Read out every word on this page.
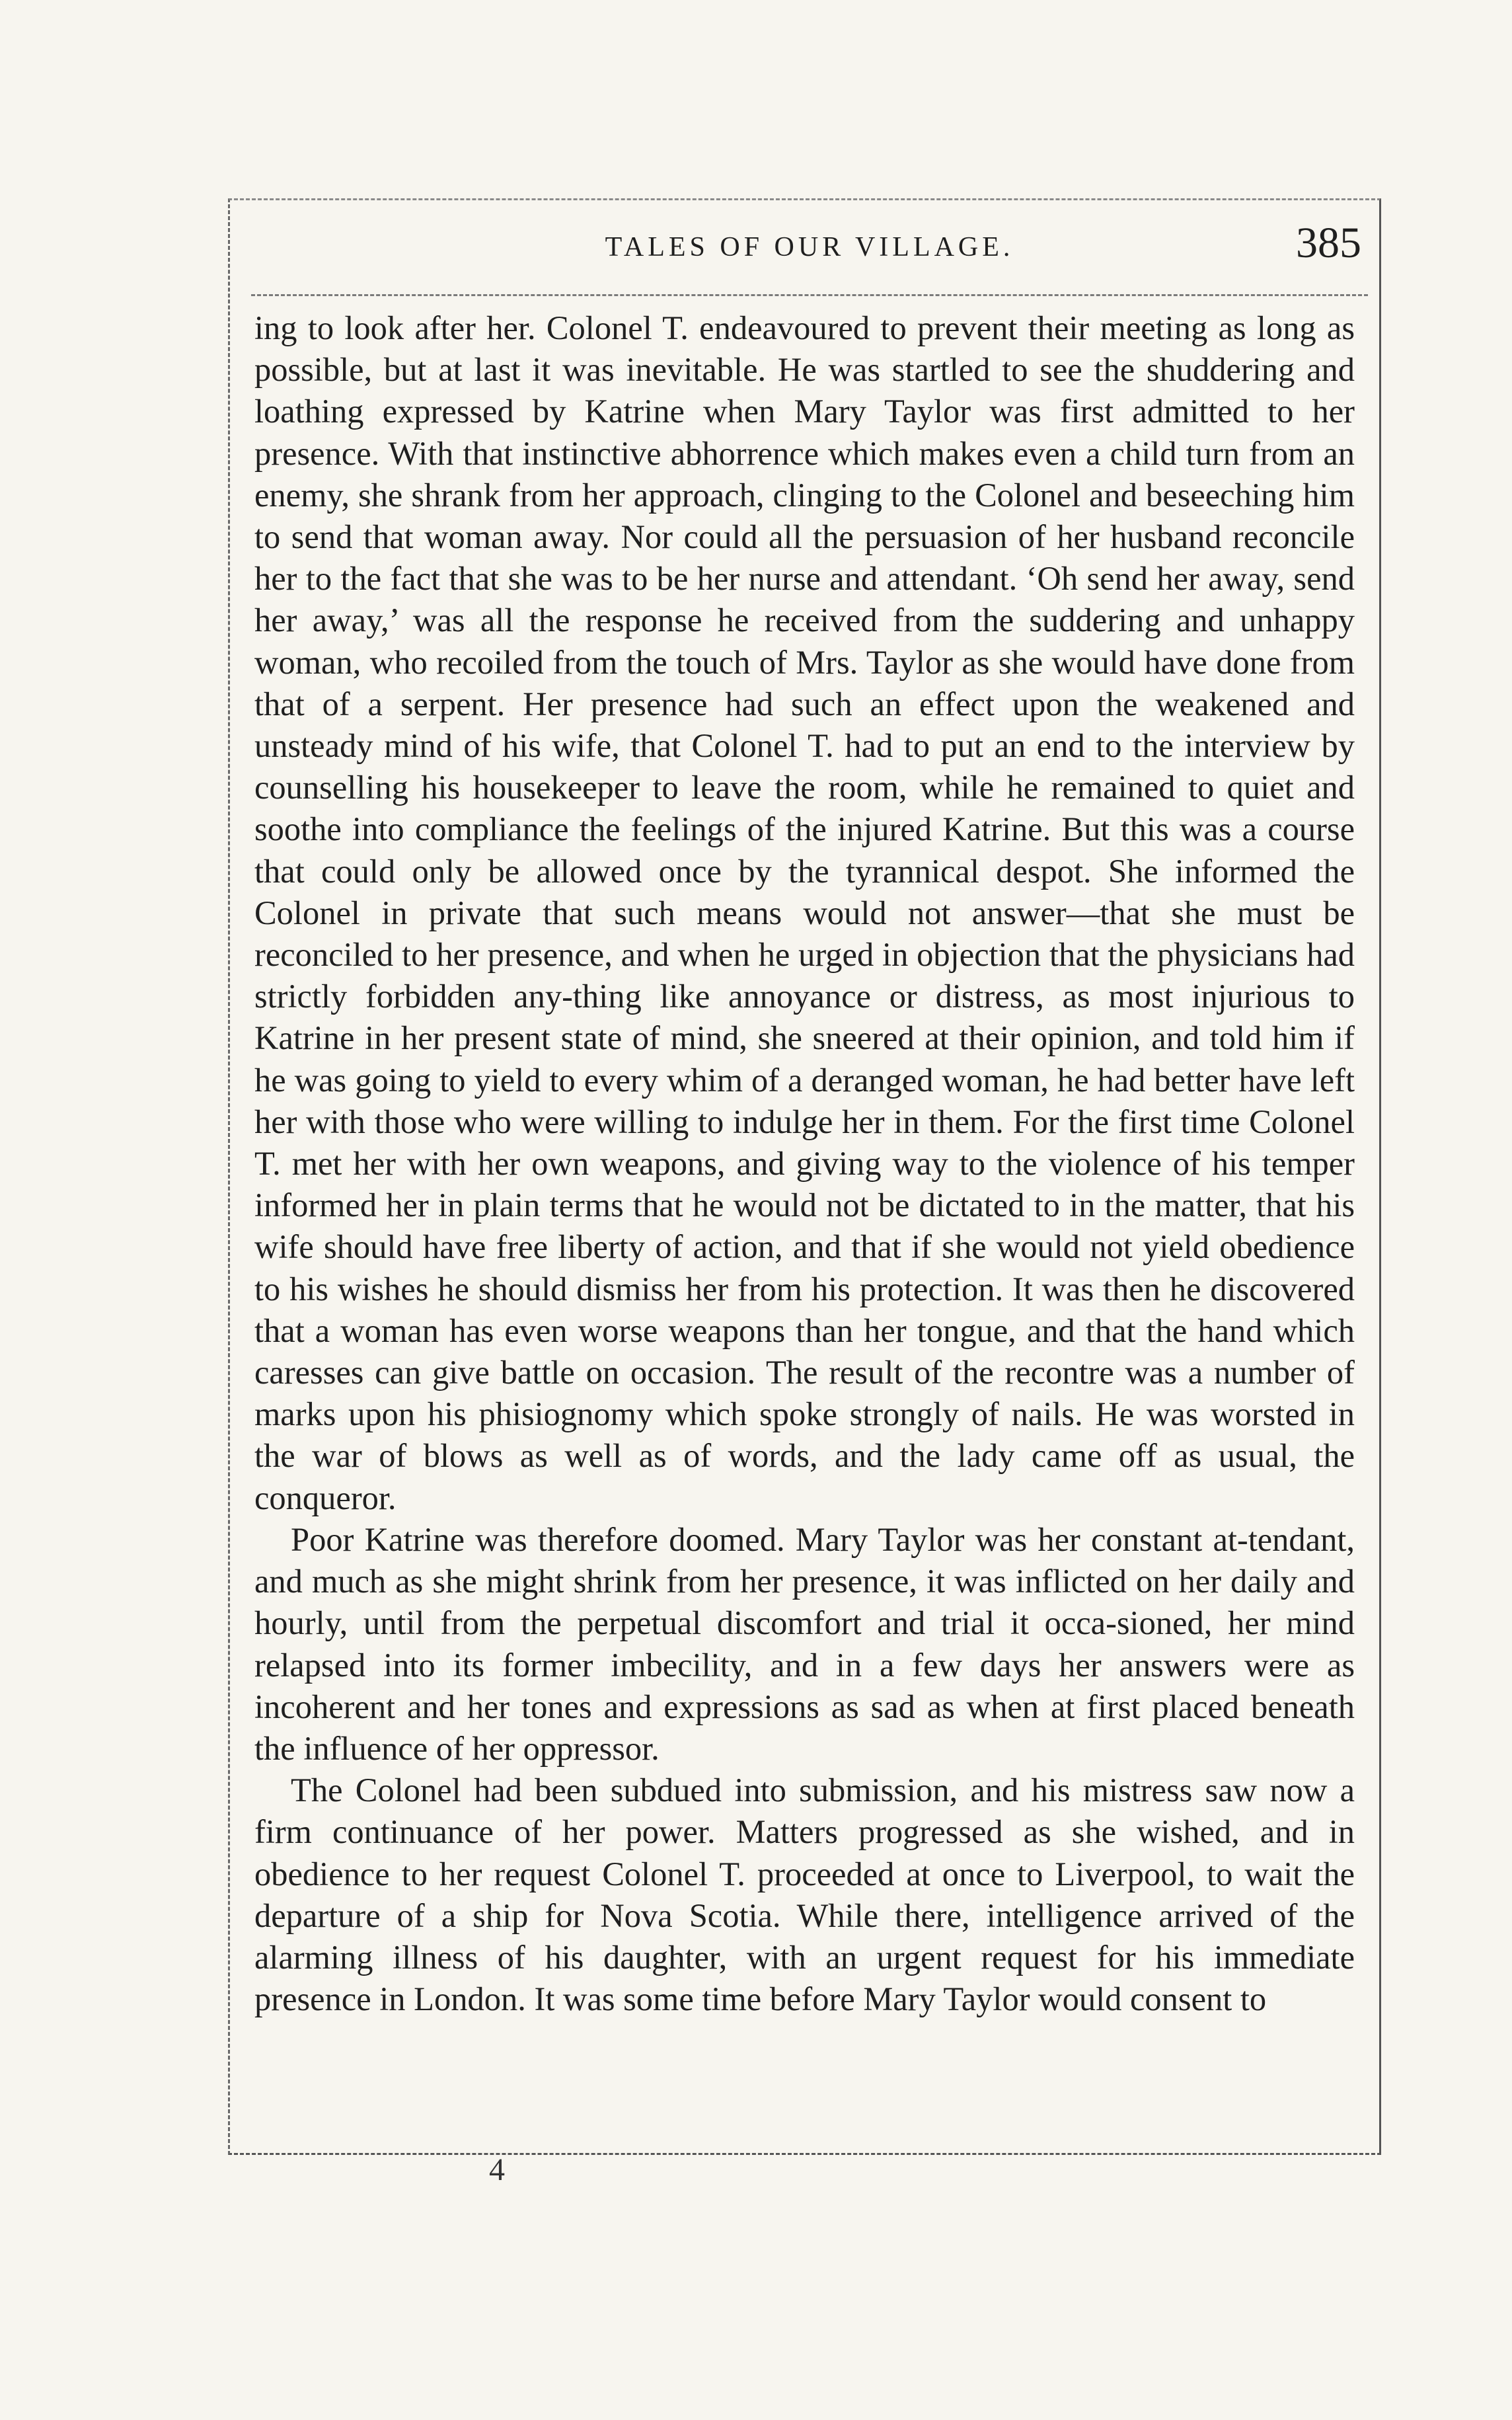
TALES OF OUR VILLAGE.	385

ing to look after her. Colonel T. endeavoured to prevent their meeting as long as possible, but at last it was inevitable. He was startled to see the shuddering and loathing expressed by Katrine when Mary Taylor was first admitted to her presence. With that instinctive abhorrence which makes even a child turn from an enemy, she shrank from her approach, clinging to the Colonel and beseeching him to send that woman away. Nor could all the persuasion of her husband reconcile her to the fact that she was to be her nurse and attendant. ‘Oh send her away, send her away,’ was all the response he received from the suddering and unhappy woman, who recoiled from the touch of Mrs. Taylor as she would have done from that of a serpent. Her presence had such an effect upon the weakened and unsteady mind of his wife, that Colonel T. had to put an end to the interview by counselling his housekeeper to leave the room, while he remained to quiet and soothe into compliance the feelings of the injured Katrine. But this was a course that could only be allowed once by the tyrannical despot. She informed the Colonel in private that such means would not answer—that she must be reconciled to her presence, and when he urged in objection that the physicians had strictly forbidden any-thing like annoyance or distress, as most injurious to Katrine in her present state of mind, she sneered at their opinion, and told him if he was going to yield to every whim of a deranged woman, he had better have left her with those who were willing to indulge her in them. For the first time Colonel T. met her with her own weapons, and giving way to the violence of his temper informed her in plain terms that he would not be dictated to in the matter, that his wife should have free liberty of action, and that if she would not yield obedience to his wishes he should dismiss her from his protection. It was then he discovered that a woman has even worse weapons than her tongue, and that the hand which caresses can give battle on occasion. The result of the recontre was a number of marks upon his phisiognomy which spoke strongly of nails. He was worsted in the war of blows as well as of words, and the lady came off as usual, the conqueror.

Poor Katrine was therefore doomed. Mary Taylor was her constant at-tendant, and much as she might shrink from her presence, it was inflicted on her daily and hourly, until from the perpetual discomfort and trial it occa-sioned, her mind relapsed into its former imbecility, and in a few days her answers were as incoherent and her tones and expressions as sad as when at first placed beneath the influence of her oppressor.

The Colonel had been subdued into submission, and his mistress saw now a firm continuance of her power. Matters progressed as she wished, and in obedience to her request Colonel T. proceeded at once to Liverpool, to wait the departure of a ship for Nova Scotia. While there, intelligence arrived of the alarming illness of his daughter, with an urgent request for his immediate presence in London. It was some time before Mary Taylor would consent to

4
